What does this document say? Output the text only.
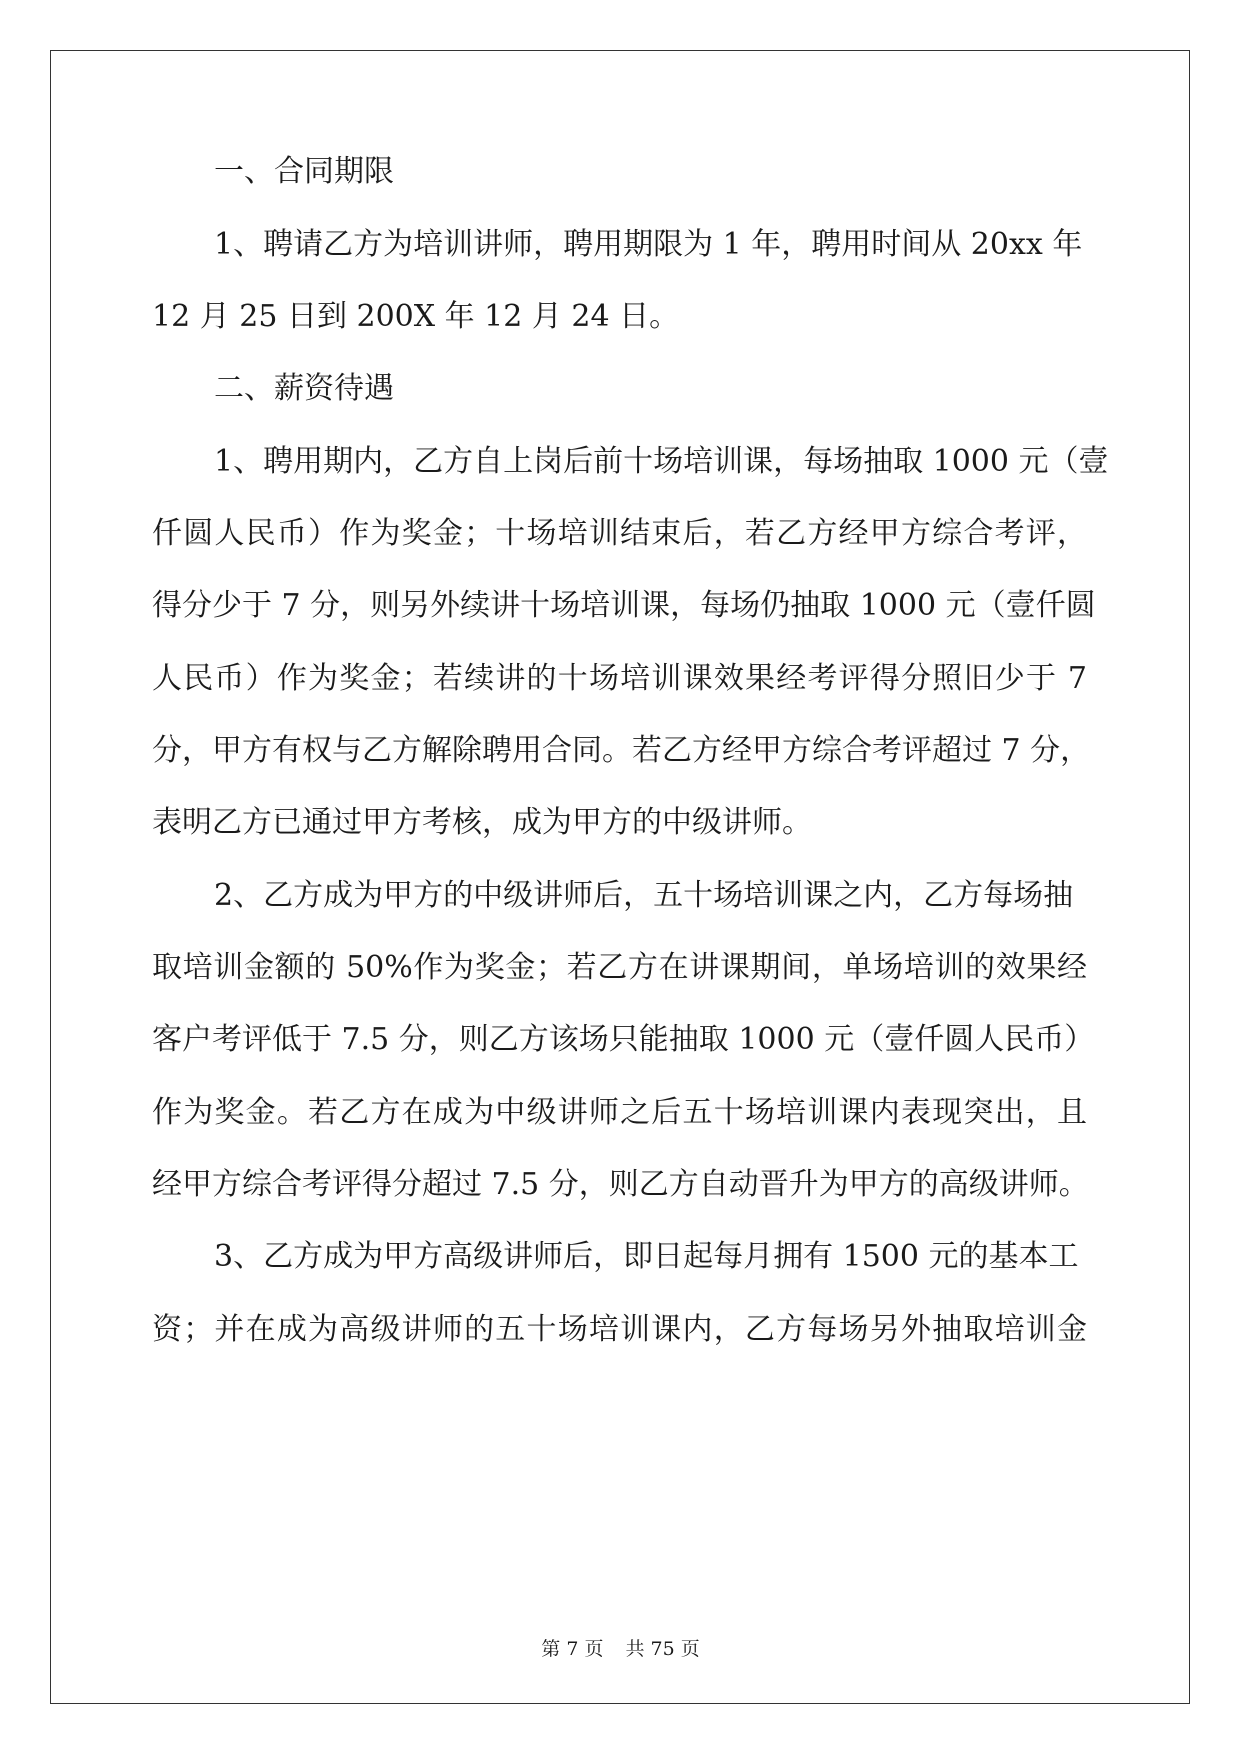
一、合同期限
1、聘请乙方为培训讲师，聘用期限为 1 年，聘用时间从 20xx 年
12 月 25 日到 200X 年 12 月 24 日。
二、薪资待遇
1、聘用期内，乙方自上岗后前十场培训课，每场抽取 1000 元（壹
仟圆人民币）作为奖金；十场培训结束后，若乙方经甲方综合考评，
得分少于 7 分，则另外续讲十场培训课，每场仍抽取 1000 元（壹仟圆
人民币）作为奖金；若续讲的十场培训课效果经考评得分照旧少于 7
分，甲方有权与乙方解除聘用合同。若乙方经甲方综合考评超过 7 分，
表明乙方已通过甲方考核，成为甲方的中级讲师。
2、乙方成为甲方的中级讲师后，五十场培训课之内，乙方每场抽
取培训金额的 50%作为奖金；若乙方在讲课期间，单场培训的效果经
客户考评低于 7.5 分，则乙方该场只能抽取 1000 元（壹仟圆人民币）
作为奖金。若乙方在成为中级讲师之后五十场培训课内表现突出，且
经甲方综合考评得分超过 7.5 分，则乙方自动晋升为甲方的高级讲师。
3、乙方成为甲方高级讲师后，即日起每月拥有 1500 元的基本工
资；并在成为高级讲师的五十场培训课内，乙方每场另外抽取培训金
第 7 页 共 75 页
